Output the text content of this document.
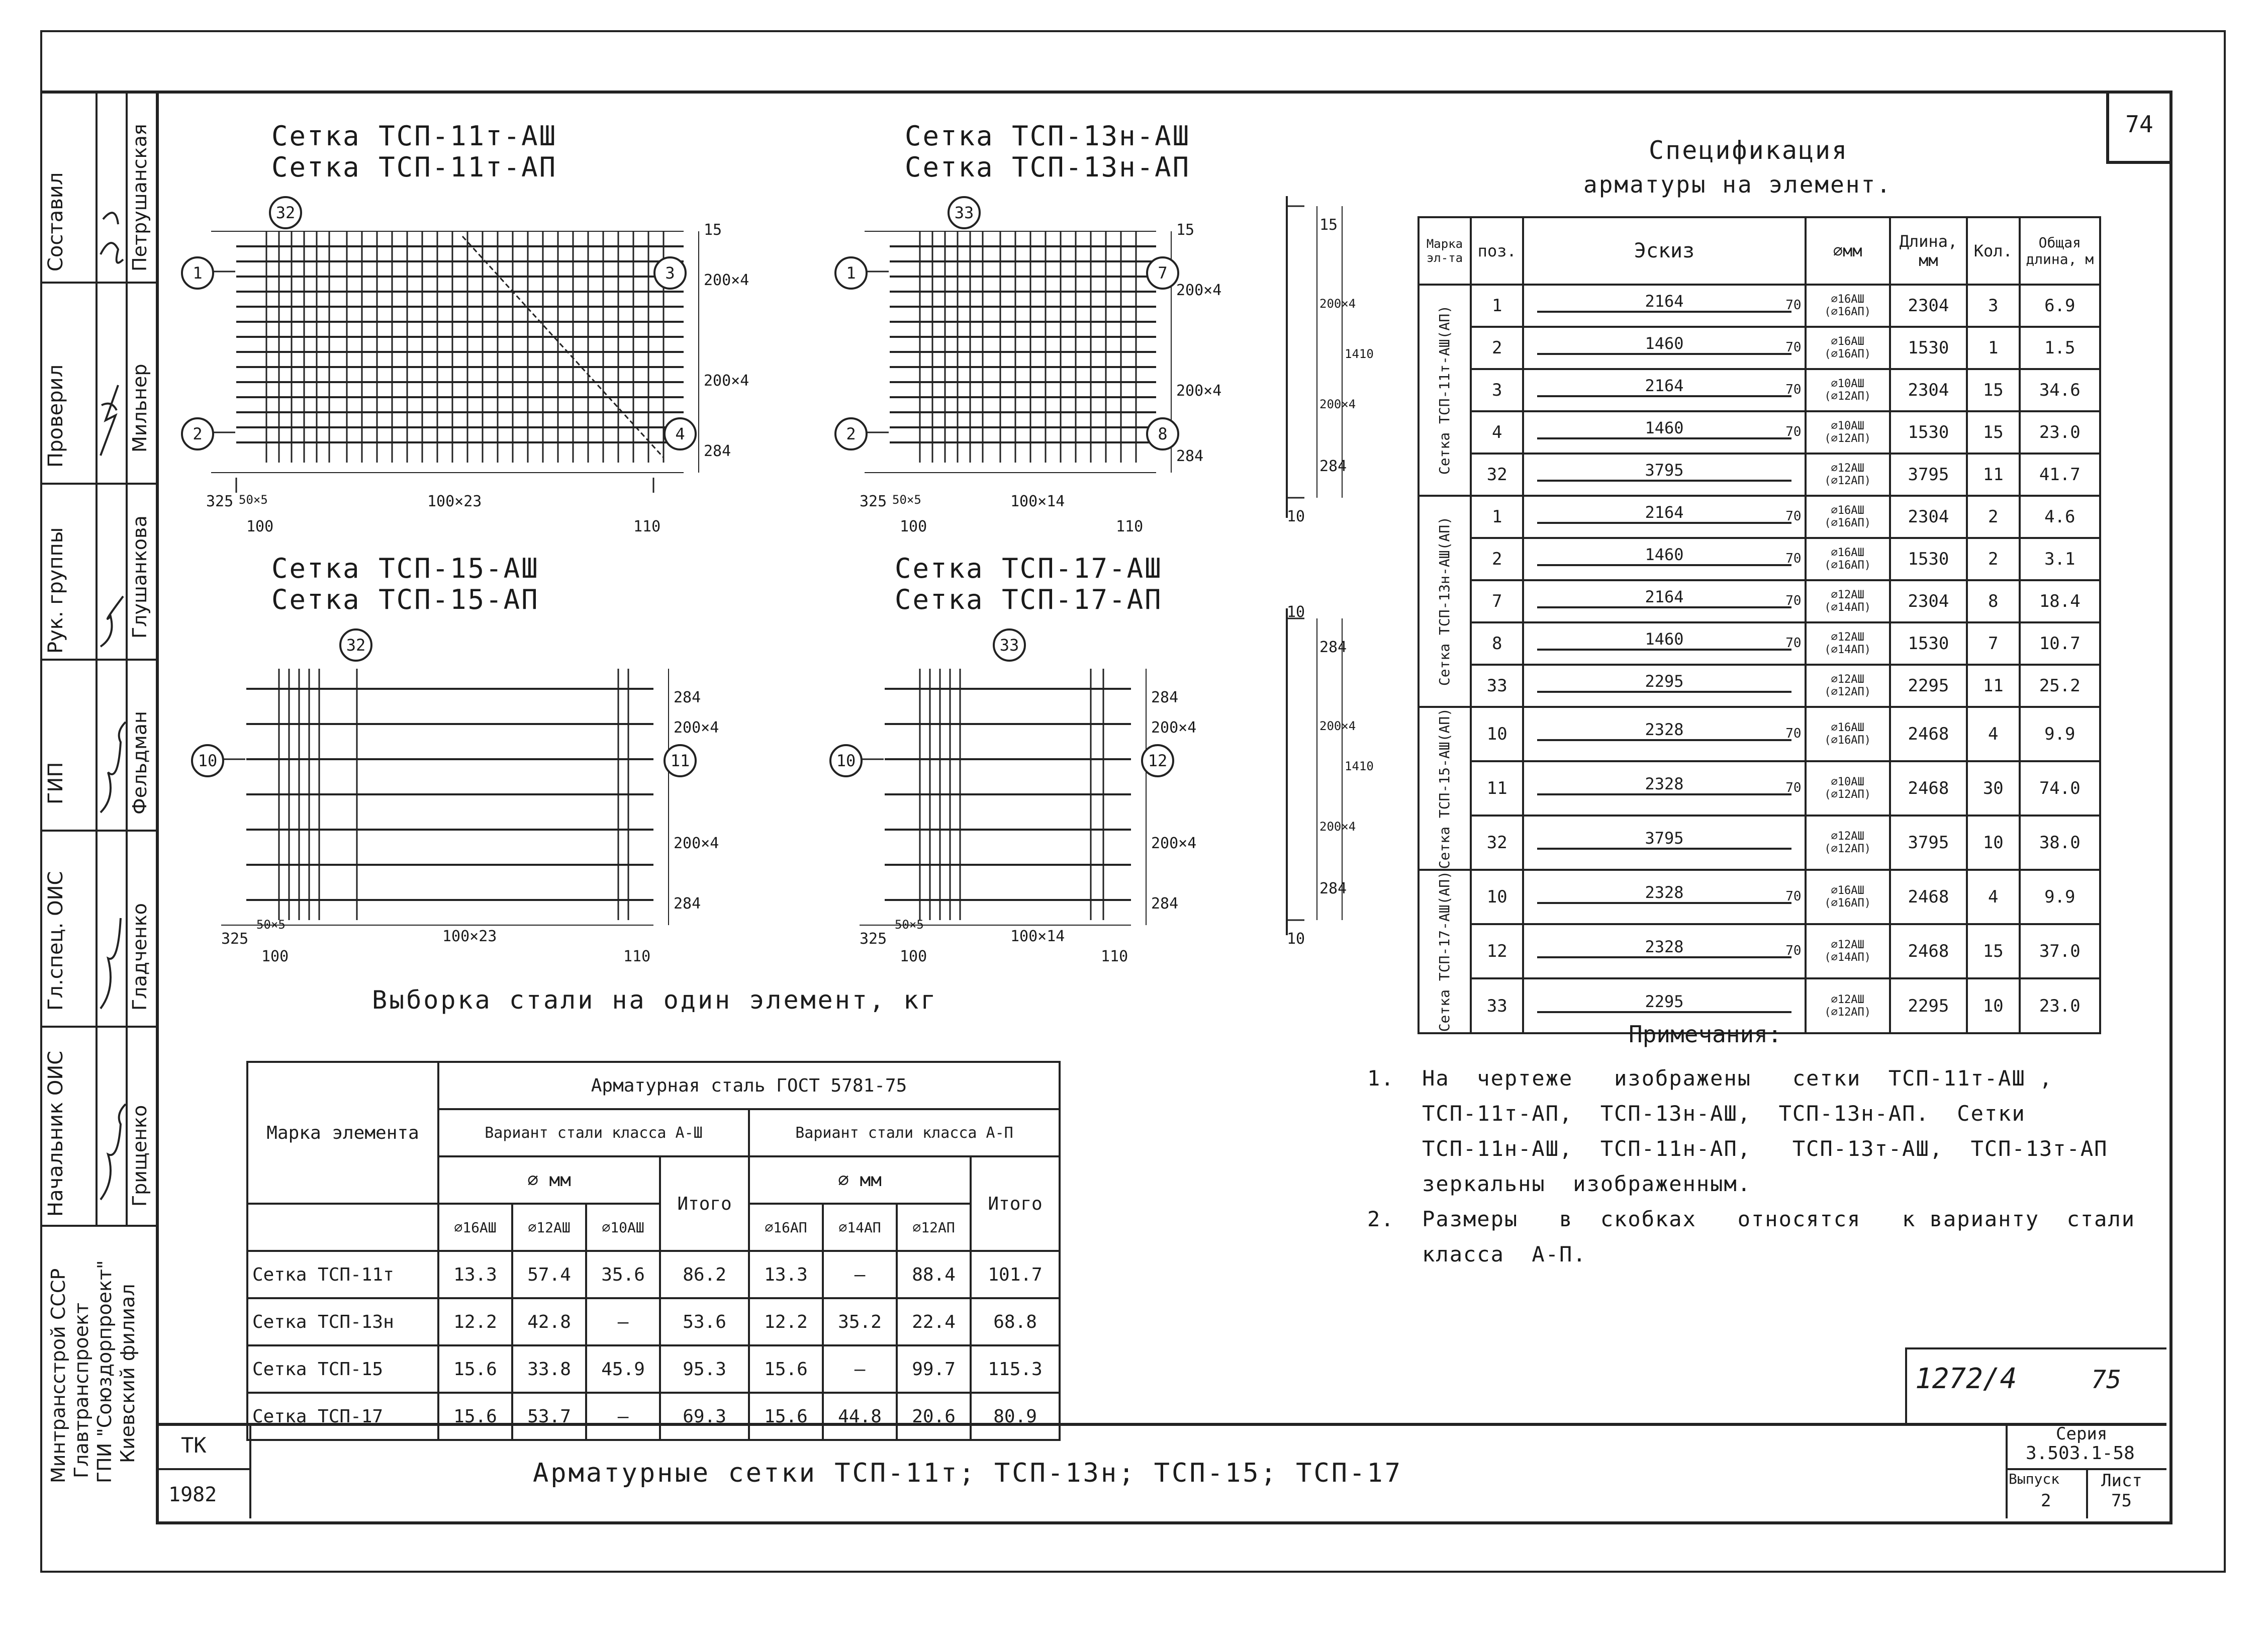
74
Составил	Петрушанская
Проверил	Мильнер
Рук. группы	Глушанкова
ГИП	Фельдман
Гл.спец. ОИС	Гладченко
Начальник ОИС	Грищенко
Минтрансстрой СССР Главтранспроект ГПИ "Союздорпроект" Киевский филиал ТК
1982
Арматурные сетки ТСП-11т; ТСП-13н; ТСП-15; ТСП-17
Серия
3.503.1-58
Выпуск
2
Лист
75
1272/4	75
Сетка ТСП-11т-АШ
Сетка ТСП-11т-АП
32
1
2
3
4
325 50×5	100×23
100	110
15
200×4
200×4
284
Сетка ТСП-13н-АШ
Сетка ТСП-13н-АП
33
1
2
7
8
325 50×5	100×14
100	110
15
200×4
200×4
284
Сетка ТСП-15-АШ
Сетка ТСП-15-АП
32
10	11
325
50×5
100×23
100	110
284
200×4
200×4
284
Сетка ТСП-17-АШ
Сетка ТСП-17-АП
33
10	12
325
50×5
100×14
100	110
284
200×4
200×4
284
15
200×4
200×4
284
10
1410
10
284
200×4
200×4
284
10
1410
Спецификация
арматуры на элемент.
Марка эл-та	поз.	Эскиз	∅мм	Длина, мм	Кол.	Общая длина, м

Сетка ТСП-11т-АШ(АП)	1	2164 70	∅16АШ (∅16АП)	2304	3	6.9
	2	1460 70	∅16АШ (∅16АП)	1530	1	1.5
	3	2164 70	∅10АШ (∅12АП)	2304	15	34.6
	4	1460 70	∅10АШ (∅12АП)	1530	15	23.0
	32	3795	∅12АШ (∅12АП)	3795	11	41.7

Сетка ТСП-13н-АШ(АП)	1	2164 70	∅16АШ (∅16АП)	2304	2	4.6
	2	1460 70	∅16АШ (∅16АП)	1530	2	3.1
	7	2164 70	∅12АШ (∅14АП)	2304	8	18.4
	8	1460 70	∅12АШ (∅14АП)	1530	7	10.7
	33	2295	∅12АШ (∅12АП)	2295	11	25.2

Сетка ТСП-15-АШ(АП)	10	2328 70	∅16АШ (∅16АП)	2468	4	9.9
	11	2328 70	∅10АШ (∅12АП)	2468	30	74.0
	32	3795	∅12АШ (∅12АП)	3795	10	38.0

Сетка ТСП-17-АШ(АП)	10	2328 70	∅16АШ (∅16АП)	2468	4	9.9
	12	2328 70	∅12АШ (∅14АП)	2468	15	37.0
	33	2295	∅12АШ (∅12АП)	2295	10	23.0
Выборка стали на один элемент, кг
Марка элемента	Арматурная сталь ГОСТ 5781-75							
	Вариант стали класса А-Ш				Вариант стали класса А-П			
	∅ мм			Итого	∅ мм			Итого
	∅16АШ	∅12АШ	∅10АШ		∅16АП	∅14АП	∅12АП	
Сетка ТСП-11т	13.3	57.4	35.6	86.2	13.3	—	88.4	101.7
Сетка ТСП-13н	12.2	42.8	—	53.6	12.2	35.2	22.4	68.8
Сетка ТСП-15	15.6	33.8	45.9	95.3	15.6	—	99.7	115.3
Сетка ТСП-17	15.6	53.7	—	69.3	15.6	44.8	20.6	80.9
Примечания:
1.  На  чертеже   изображены   сетки  ТСП-11т-АШ ,
ТСП-11т-АП,  ТСП-13н-АШ,  ТСП-13н-АП.  Сетки
ТСП-11н-АШ,  ТСП-11н-АП,   ТСП-13т-АШ,  ТСП-13т-АП
зеркальны  изображенным.
2.  Размеры   в  скобках   относятся   к варианту  стали
класса  А-П.
